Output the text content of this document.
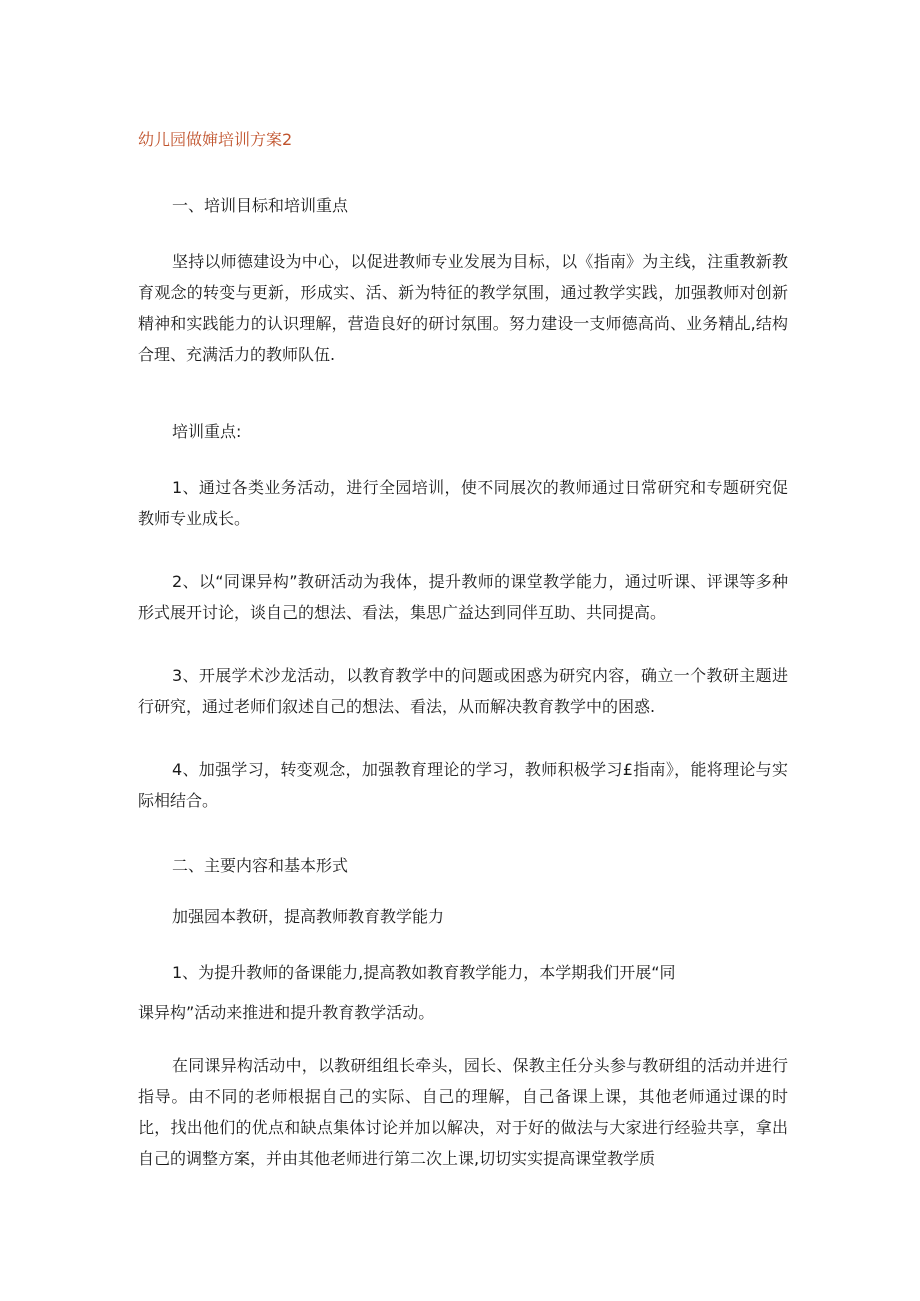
幼儿园做婶培训方案2

一、培训目标和培训重点

坚持以师德建设为中心，以促进教师专业发展为目标，以《指南》为主线，注重教新教育观念的转变与更新，形成实、活、新为特征的教学氛围，通过教学实践，加强教师对创新精神和实践能力的认识理解，营造良好的研讨氛围。努力建设一支师德高尚、业务精乩,结构合理、充满活力的教师队伍.

培训重点:

1、通过各类业务活动，进行全园培训，使不同展次的教师通过日常研究和专题研究促教师专业成长。

2、以“同课异构”教研活动为我体，提升教师的课堂教学能力，通过听课、评课等多种形式展开讨论，谈自己的想法、看法，集思广益达到同伴互助、共同提高。

3、开展学术沙龙活动，以教育教学中的问题或困惑为研究内容，确立一个教研主题进行研究，通过老师们叙述自己的想法、看法，从而解决教育教学中的困惑.

4、加强学习，转变观念，加强教育理论的学习，教师积极学习£指南》，能将理论与实际相结合。

二、主要内容和基本形式

加强园本教研，提高教师教育教学能力

1、为提升教师的备课能力,提高教如教育教学能力，本学期我们开展“同

课异构”活动来推进和提升教育教学活动。

在同课异构活动中，以教研组组长牵头，园长、保教主任分头参与教研组的活动并进行指导。由不同的老师根据自己的实际、自己的理解，自己备课上课，其他老师通过课的时比，找出他们的优点和缺点集体讨论并加以解决，对于好的做法与大家进行经验共享，拿出自己的调整方案，并由其他老师进行第二次上课,切切实实提高课堂教学质
